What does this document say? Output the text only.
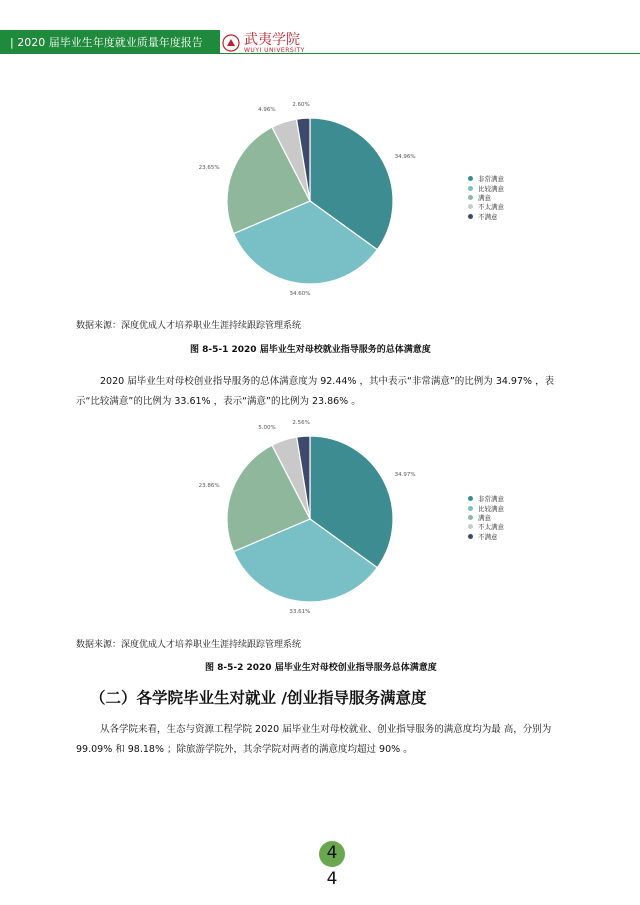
| 2020 届毕业生年度就业质量年度报告	武夷学院
WUYI UNIVERSITY
非常满意
比较满意
满意
不太满意
不满意
34.96%
34.60%
23.65%
4.96%
2.60%
数据来源：深度优成人才培养职业生涯持续跟踪管理系统
图 8-5-1 2020 届毕业生对母校就业指导服务的总体满意度
2020 届毕业生对母校创业指导服务的总体满意度为 92.44% ，其中表示“非常满意”的比例为 34.97% ，表示“比较满意”的比例为 33.61% ，表示“满意”的比例为 23.86% 。
非常满意
比较满意
满意
不太满意
不满意
34.97%
33.61%
23.86%
5.00%
2.56%
数据来源：深度优成人才培养职业生涯持续跟踪管理系统
图 8-5-2 2020 届毕业生对母校创业指导服务总体满意度
（二）各学院毕业生对就业 /创业指导服务满意度
从各学院来看，生态与资源工程学院 2020 届毕业生对母校就业、创业指导服务的满意度均为最 高，分别为 99.09% 和 98.18% ；除旅游学院外，其余学院对两者的满意度均超过 90% 。
4
4
